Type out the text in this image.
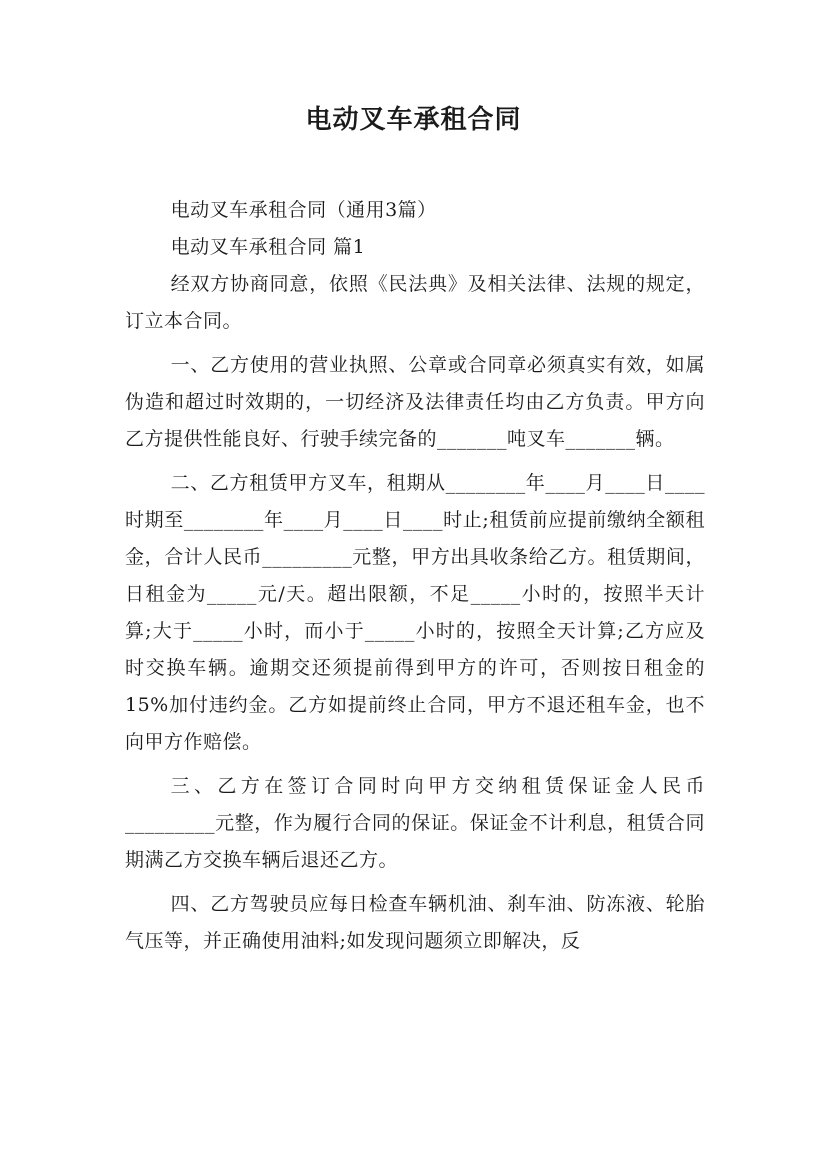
电动叉车承租合同

电动叉车承租合同（通用3篇）

电动叉车承租合同 篇1

经双方协商同意，依照《民法典》及相关法律、法规的规定，订立本合同。

一、乙方使用的营业执照、公章或合同章必须真实有效，如属伪造和超过时效期的，一切经济及法律责任均由乙方负责。甲方向乙方提供性能良好、行驶手续完备的_______吨叉车_______辆。

二、乙方租赁甲方叉车，租期从________年____月____日____时期至________年____月____日____时止;租赁前应提前缴纳全额租金，合计人民币_________元整，甲方出具收条给乙方。租赁期间，日租金为_____元/天。超出限额，不足_____小时的，按照半天计算;大于_____小时，而小于_____小时的，按照全天计算;乙方应及时交换车辆。逾期交还须提前得到甲方的许可，否则按日租金的15%加付违约金。乙方如提前终止合同，甲方不退还租车金，也不向甲方作赔偿。

三、乙方在签订合同时向甲方交纳租赁保证金人民币_________元整，作为履行合同的保证。保证金不计利息，租赁合同期满乙方交换车辆后退还乙方。

四、乙方驾驶员应每日检查车辆机油、刹车油、防冻液、轮胎气压等，并正确使用油料;如发现问题须立即解决，反
